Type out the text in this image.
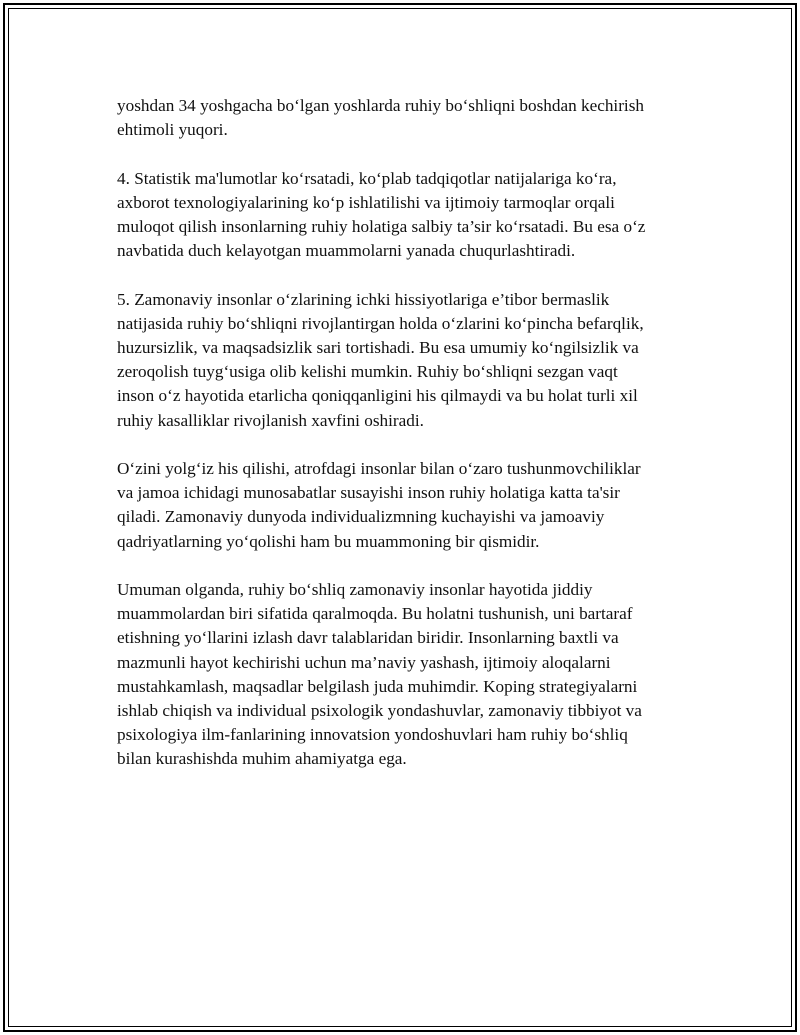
yoshdan 34 yoshgacha bo‘lgan yoshlarda ruhiy bo‘shliqni boshdan kechirish
ehtimoli yuqori.

4. Statistik ma'lumotlar ko‘rsatadi, ko‘plab tadqiqotlar natijalariga ko‘ra,
axborot texnologiyalarining ko‘p ishlatilishi va ijtimoiy tarmoqlar orqali
muloqot qilish insonlarning ruhiy holatiga salbiy ta’sir ko‘rsatadi. Bu esa o‘z
navbatida duch kelayotgan muammolarni yanada chuqurlashtiradi.

5. Zamonaviy insonlar o‘zlarining ichki hissiyotlariga e’tibor bermaslik
natijasida ruhiy bo‘shliqni rivojlantirgan holda o‘zlarini ko‘pincha befarqlik,
huzursizlik, va maqsadsizlik sari tortishadi. Bu esa umumiy ko‘ngilsizlik va
zeroqolish tuyg‘usiga olib kelishi mumkin. Ruhiy bo‘shliqni sezgan vaqt
inson o‘z hayotida etarlicha qoniqqanligini his qilmaydi va bu holat turli xil
ruhiy kasalliklar rivojlanish xavfini oshiradi.

O‘zini yolg‘iz his qilishi, atrofdagi insonlar bilan o‘zaro tushunmovchiliklar
va jamoa ichidagi munosabatlar susayishi inson ruhiy holatiga katta ta'sir
qiladi. Zamonaviy dunyoda individualizmning kuchayishi va jamoaviy
qadriyatlarning yo‘qolishi ham bu muammoning bir qismidir.

Umuman olganda, ruhiy bo‘shliq zamonaviy insonlar hayotida jiddiy
muammolardan biri sifatida qaralmoqda. Bu holatni tushunish, uni bartaraf
etishning yo‘llarini izlash davr talablaridan biridir. Insonlarning baxtli va
mazmunli hayot kechirishi uchun ma’naviy yashash, ijtimoiy aloqalarni
mustahkamlash, maqsadlar belgilash juda muhimdir. Koping strategiyalarni
ishlab chiqish va individual psixologik yondashuvlar, zamonaviy tibbiyot va
psixologiya ilm-fanlarining innovatsion yondoshuvlari ham ruhiy bo‘shliq
bilan kurashishda muhim ahamiyatga ega.
